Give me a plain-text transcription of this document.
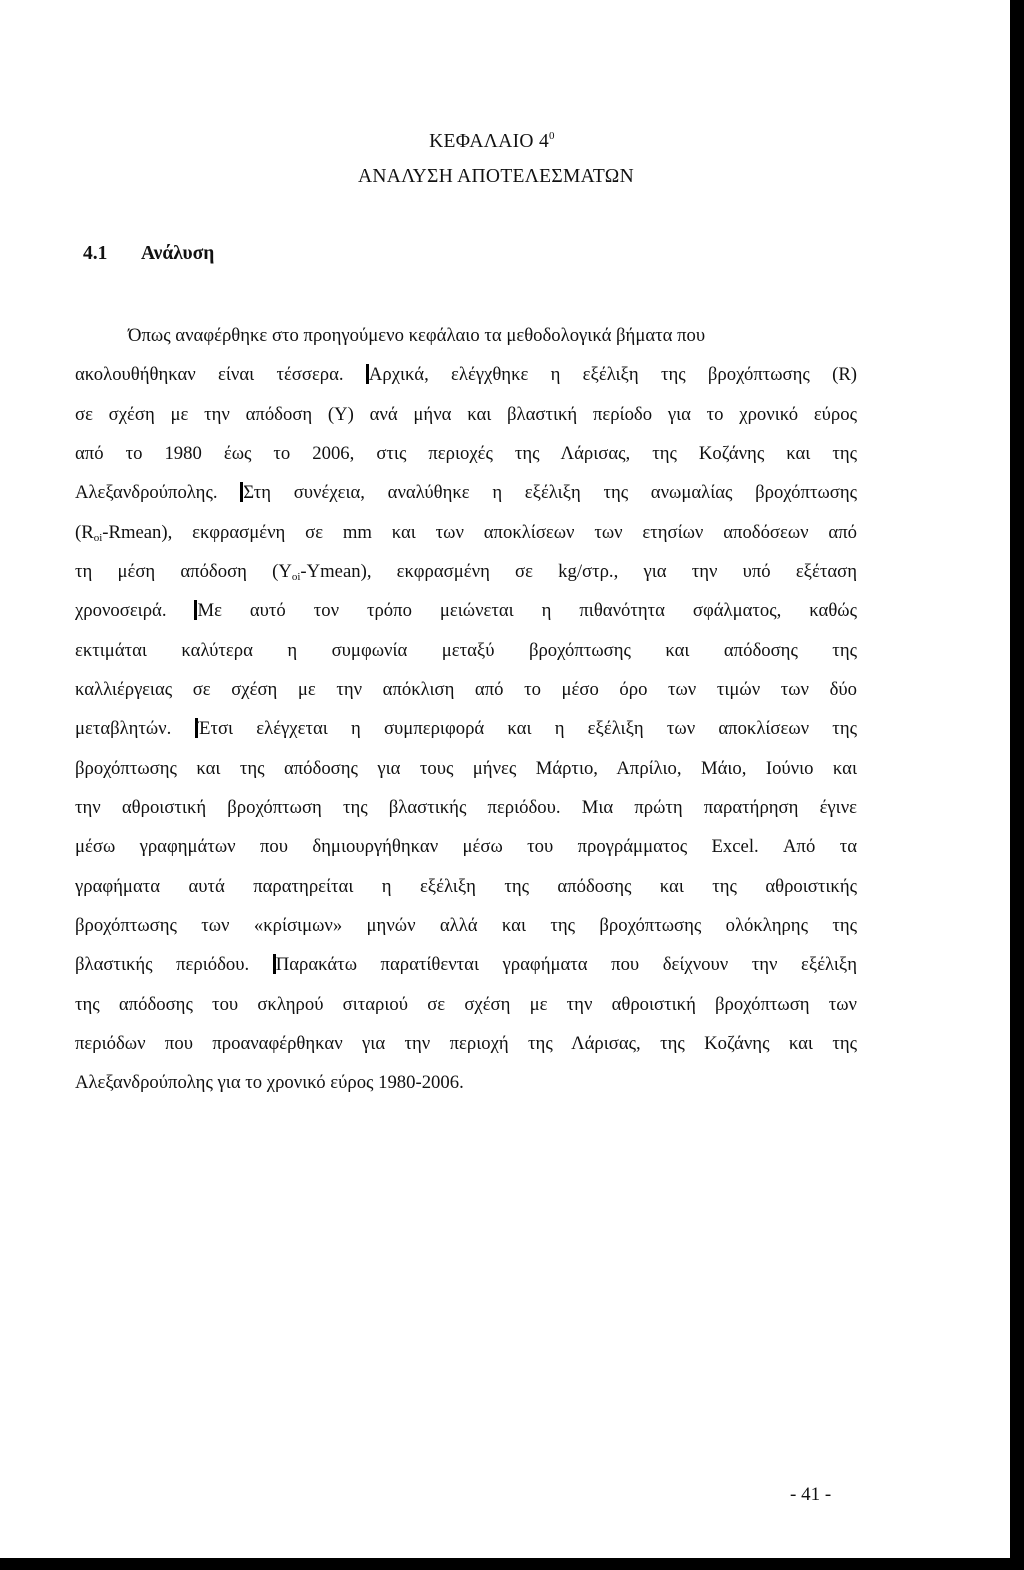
ΚΕΦΑΛΑΙΟ $4^0$
ΑΝΑΛΥΣΗ ΑΠΟΤΕΛΕΣΜΑΤΩΝ
4.1 Ανάλυση
Όπως αναφέρθηκε στο προηγούμενο κεφάλαιο τα μεθοδολογικά βήματα που
ακολουθήθηκαν είναι τέσσερα. Αρχικά, ελέγχθηκε η εξέλιξη της βροχόπτωσης (R)
σε σχέση με την απόδοση (Y) ανά μήνα και βλαστική περίοδο για το χρονικό εύρος
από το 1980 έως το 2006, στις περιοχές της Λάρισας, της Κοζάνης και της
Αλεξανδρούπολης. Στη συνέχεια, αναλύθηκε η εξέλιξη της ανωμαλίας βροχόπτωσης
$(R_{oi}-Rmean)$, εκφρασμένη σε mm και των αποκλίσεων των ετησίων αποδόσεων από
τη μέση απόδοση $(Y_{oi}-Ymean)$, εκφρασμένη σε kg/στρ., για την υπό εξέταση
χρονοσειρά. Με αυτό τον τρόπο μειώνεται η πιθανότητα σφάλματος, καθώς
εκτιμάται καλύτερα η συμφωνία μεταξύ βροχόπτωσης και απόδοσης της
καλλιέργειας σε σχέση με την απόκλιση από το μέσο όρο των τιμών των δύο
μεταβλητών. Έτσι ελέγχεται η συμπεριφορά και η εξέλιξη των αποκλίσεων της
βροχόπτωσης και της απόδοσης για τους μήνες Μάρτιο, Απρίλιο, Μάιο, Ιούνιο και
την αθροιστική βροχόπτωση της βλαστικής περιόδου. Μια πρώτη παρατήρηση έγινε
μέσω γραφημάτων που δημιουργήθηκαν μέσω του προγράμματος Excel. Από τα
γραφήματα αυτά παρατηρείται η εξέλιξη της απόδοσης και της αθροιστικής
βροχόπτωσης των «κρίσιμων» μηνών αλλά και της βροχόπτωσης ολόκληρης της
βλαστικής περιόδου. Παρακάτω παρατίθενται γραφήματα που δείχνουν την εξέλιξη
της απόδοσης του σκληρού σιταριού σε σχέση με την αθροιστική βροχόπτωση των
περιόδων που προαναφέρθηκαν για την περιοχή της Λάρισας, της Κοζάνης και της
Αλεξανδρούπολης για το χρονικό εύρος 1980-2006.
- 41 -
